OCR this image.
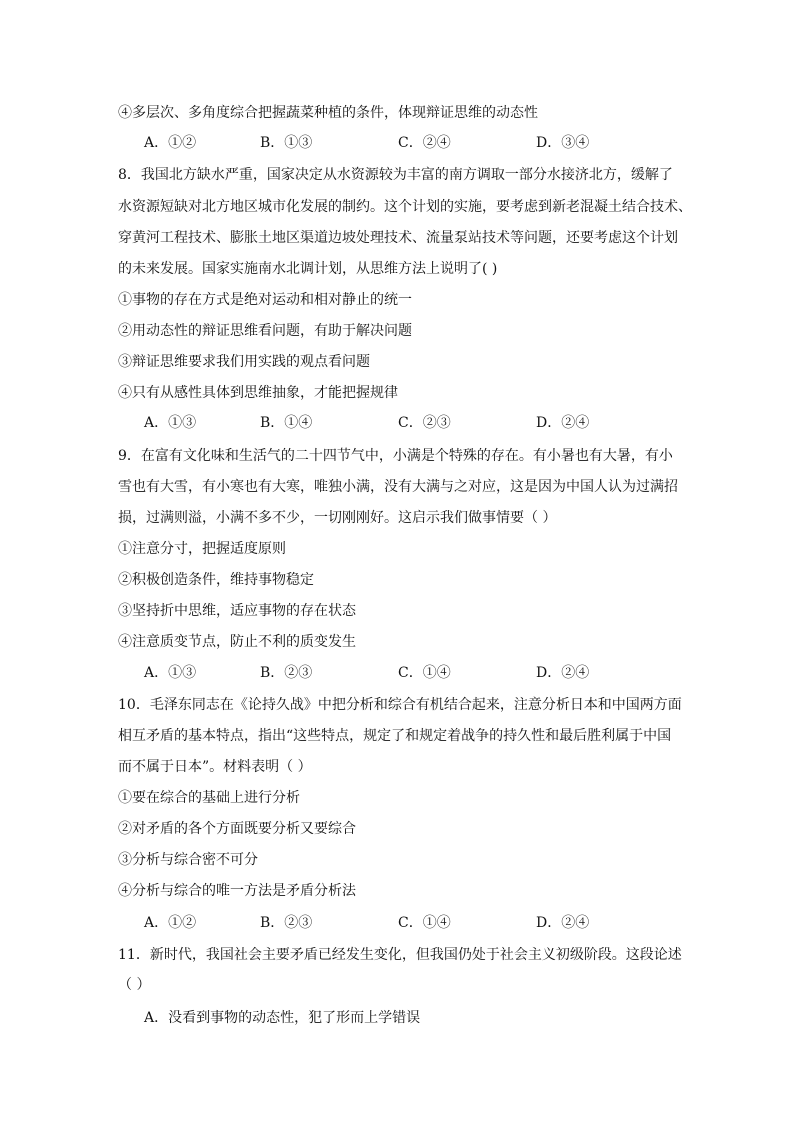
④多层次、多角度综合把握蔬菜种植的条件，体现辩证思维的动态性
A．①②	B．①③	C．②④	D．③④
8．我国北方缺水严重，国家决定从水资源较为丰富的南方调取一部分水接济北方，缓解了
水资源短缺对北方地区城市化发展的制约。这个计划的实施，要考虑到新老混凝土结合技术、
穿黄河工程技术、膨胀土地区渠道边坡处理技术、流量泵站技术等问题，还要考虑这个计划
的未来发展。国家实施南水北调计划，从思维方法上说明了( )
①事物的存在方式是绝对运动和相对静止的统一
②用动态性的辩证思维看问题，有助于解决问题
③辩证思维要求我们用实践的观点看问题
④只有从感性具体到思维抽象，才能把握规律
A．①③	B．①④	C．②③	D．②④
9．在富有文化味和生活气的二十四节气中，小满是个特殊的存在。有小暑也有大暑，有小
雪也有大雪，有小寒也有大寒，唯独小满，没有大满与之对应，这是因为中国人认为过满招
损，过满则溢，小满不多不少，一切刚刚好。这启示我们做事情要（ ）
①注意分寸，把握适度原则
②积极创造条件，维持事物稳定
③坚持折中思维，适应事物的存在状态
④注意质变节点，防止不利的质变发生
A．①③	B．②③	C．①④	D．②④
10．毛泽东同志在《论持久战》中把分析和综合有机结合起来，注意分析日本和中国两方面
相互矛盾的基本特点，指出“这些特点，规定了和规定着战争的持久性和最后胜利属于中国
而不属于日本”。材料表明（ ）
①要在综合的基础上进行分析
②对矛盾的各个方面既要分析又要综合
③分析与综合密不可分
④分析与综合的唯一方法是矛盾分析法
A．①②	B．②③	C．①④	D．②④
11．新时代，我国社会主要矛盾已经发生变化，但我国仍处于社会主义初级阶段。这段论述
（ ）
A．没看到事物的动态性，犯了形而上学错误
